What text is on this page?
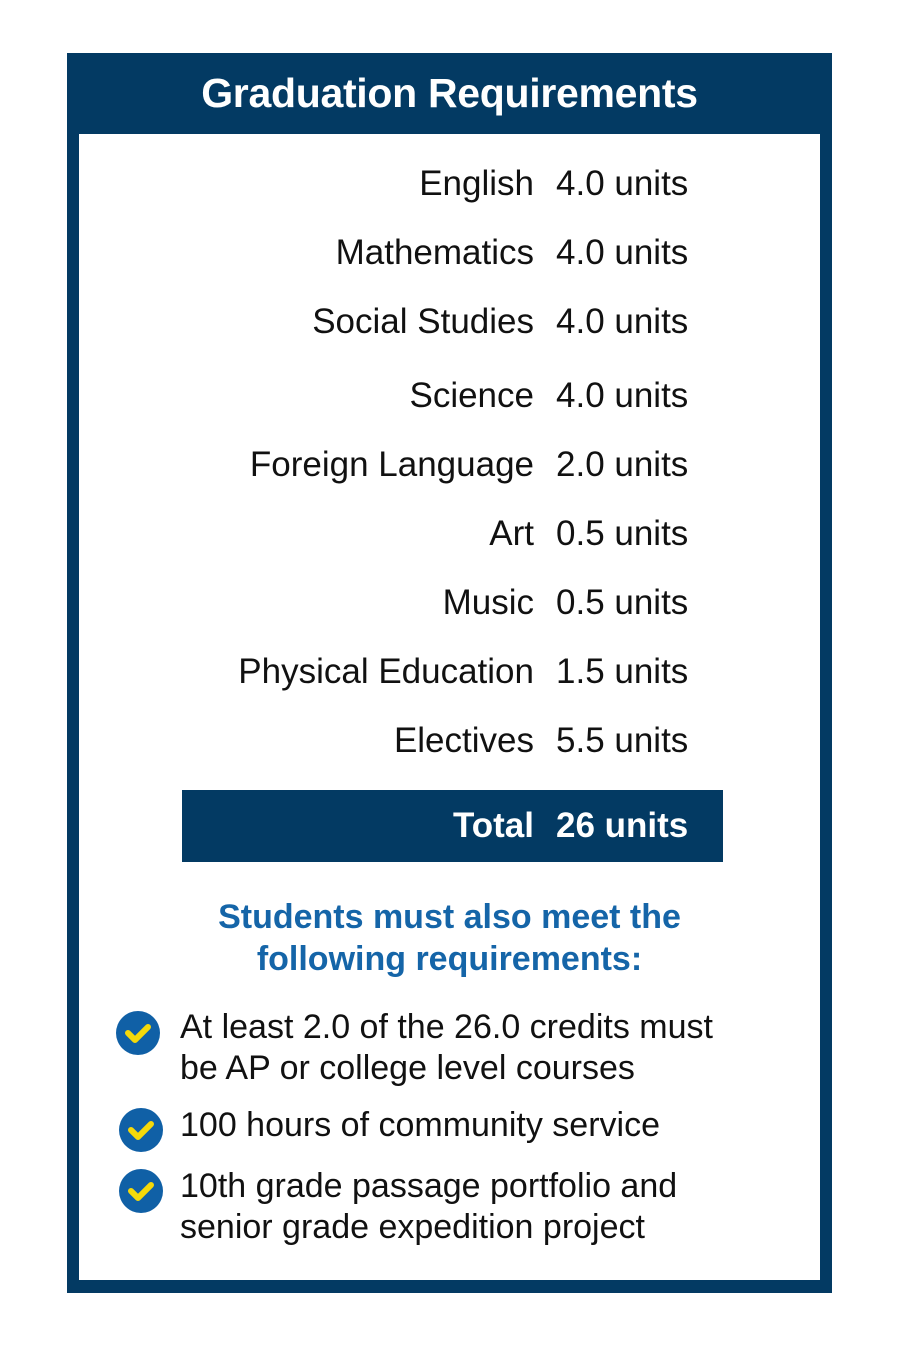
Graduation Requirements
English 4.0 units
Mathematics 4.0 units
Social Studies 4.0 units
Science 4.0 units
Foreign Language 2.0 units
Art 0.5 units
Music 0.5 units
Physical Education 1.5 units
Electives 5.5 units
Total 26 units
Students must also meet the
following requirements:
At least 2.0 of the 26.0 credits must
be AP or college level courses
100 hours of community service
10th grade passage portfolio and
senior grade expedition project
